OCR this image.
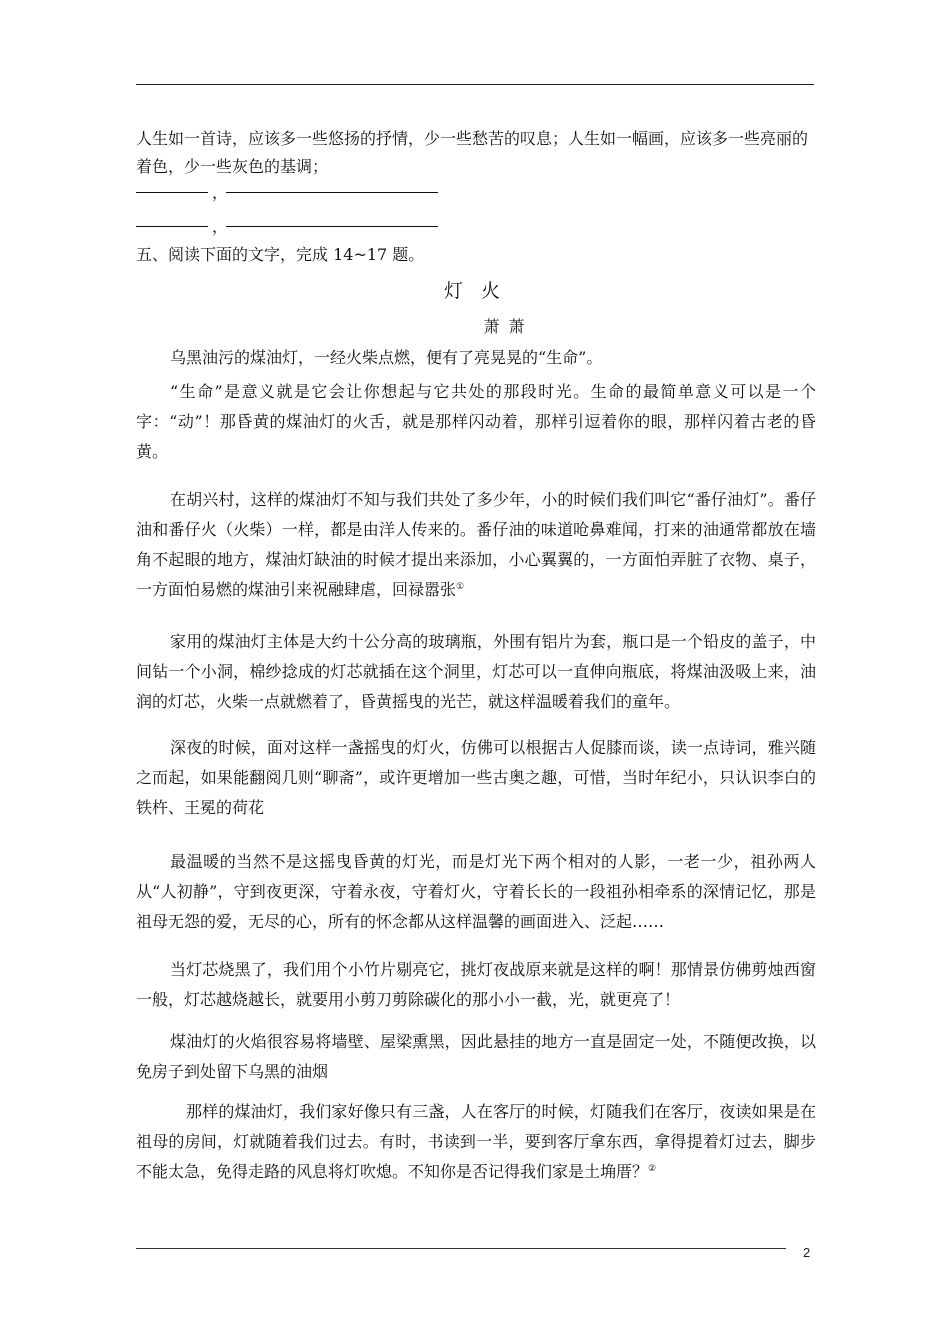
人生如一首诗，应该多一些悠扬的抒情，少一些愁苦的叹息；人生如一幅画，应该多一些亮丽的
着色，少一些灰色的基调；
，
，
五、阅读下面的文字，完成 14~17 题。
灯 火
萧 萧

乌黑油污的煤油灯，一经火柴点燃，便有了亮晃晃的“生命”。

“生命”是意义就是它会让你想起与它共处的那段时光。生命的最简单意义可以是一个字：“动”！那昏黄的煤油灯的火舌，就是那样闪动着，那样引逗着你的眼，那样闪着古老的昏黄。

在胡兴村，这样的煤油灯不知与我们共处了多少年，小的时候们我们叫它“番仔油灯”。番仔油和番仔火（火柴）一样，都是由洋人传来的。番仔油的味道呛鼻难闻，打来的油通常都放在墙角不起眼的地方，煤油灯缺油的时候才提出来添加，小心翼翼的，一方面怕弄脏了衣物、桌子，一方面怕易燃的煤油引来祝融肆虐，回禄嚣张①

家用的煤油灯主体是大约十公分高的玻璃瓶，外围有铝片为套，瓶口是一个铅皮的盖子，中间钻一个小洞，棉纱捻成的灯芯就插在这个洞里，灯芯可以一直伸向瓶底，将煤油汲吸上来，油润的灯芯，火柴一点就燃着了，昏黄摇曳的光芒，就这样温暖着我们的童年。

深夜的时候，面对这样一盏摇曳的灯火，仿佛可以根据古人促膝而谈，读一点诗词，雅兴随之而起，如果能翻阅几则“聊斋”，或许更增加一些古奥之趣，可惜，当时年纪小，只认识李白的铁杵、王冕的荷花

最温暖的当然不是这摇曳昏黄的灯光，而是灯光下两个相对的人影，一老一少，祖孙两人从“人初静”，守到夜更深，守着永夜，守着灯火，守着长长的一段祖孙相牵系的深情记忆，那是祖母无怨的爱，无尽的心，所有的怀念都从这样温馨的画面进入、泛起……

当灯芯烧黑了，我们用个小竹片剔亮它，挑灯夜战原来就是这样的啊！那情景仿佛剪烛西窗一般，灯芯越烧越长，就要用小剪刀剪除碳化的那小小一截，光，就更亮了！

煤油灯的火焰很容易将墙壁、屋梁熏黑，因此悬挂的地方一直是固定一处，不随便改换，以免房子到处留下乌黑的油烟

那样的煤油灯，我们家好像只有三盏，人在客厅的时候，灯随我们在客厅，夜读如果是在祖母的房间，灯就随着我们过去。有时，书读到一半，要到客厅拿东西，拿得提着灯过去，脚步不能太急，免得走路的风息将灯吹熄。不知你是否记得我们家是土埆厝？②

2
